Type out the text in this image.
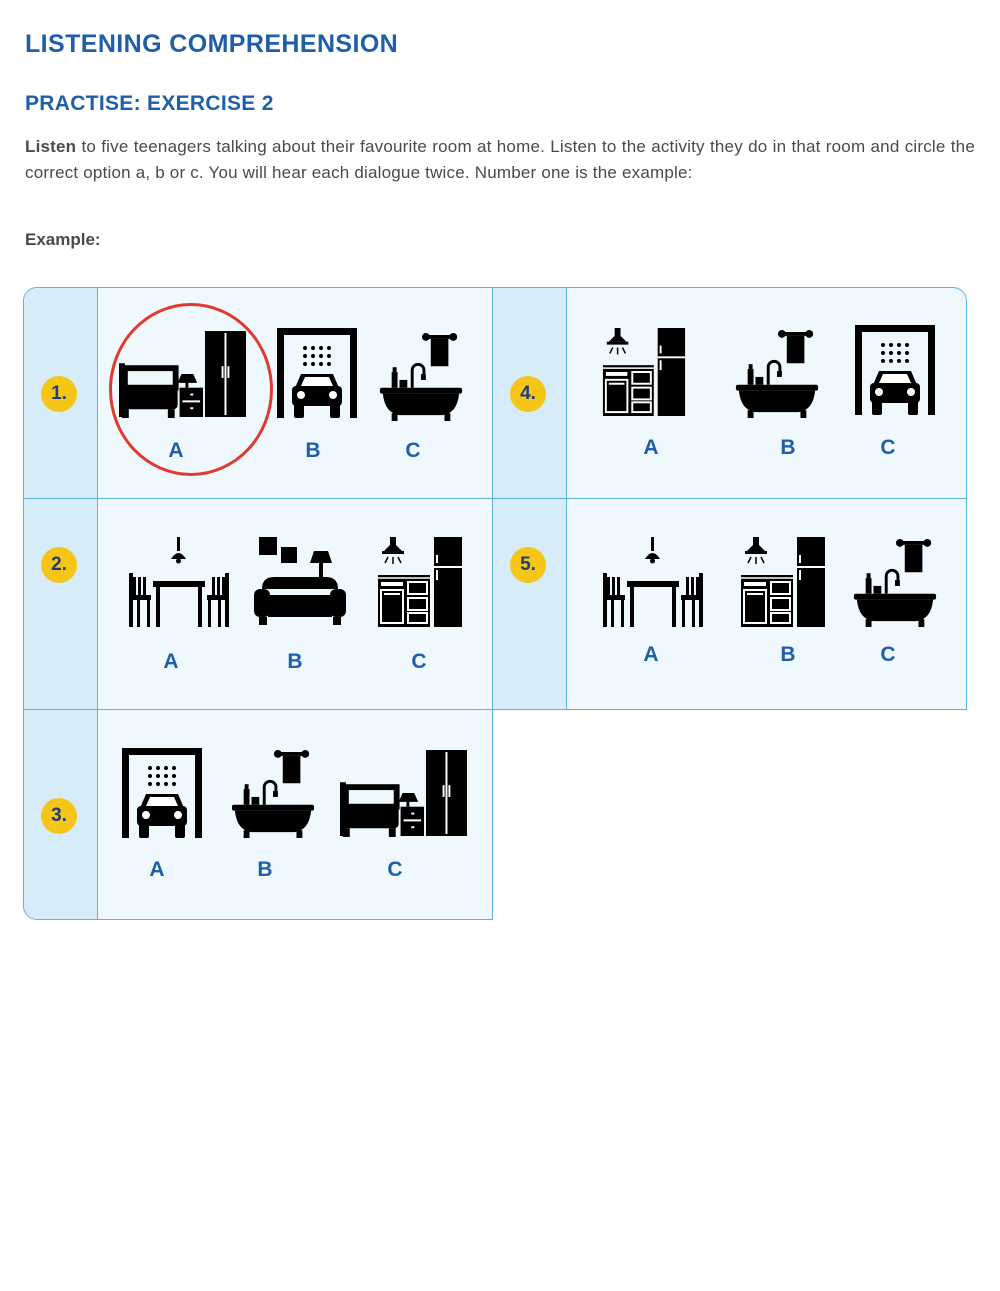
LISTENING COMPREHENSION
PRACTISE: EXERCISE 2

Listen to five teenagers talking about their favourite room at home. Listen to the activity they do in that room and circle the correct option a, b or c. You will hear each dialogue twice. Number one is the example:

Example:

1.
A	B	C
4.
A	B	C
2.
A	B	C
5.
A	B	C
3.
A	B	C
